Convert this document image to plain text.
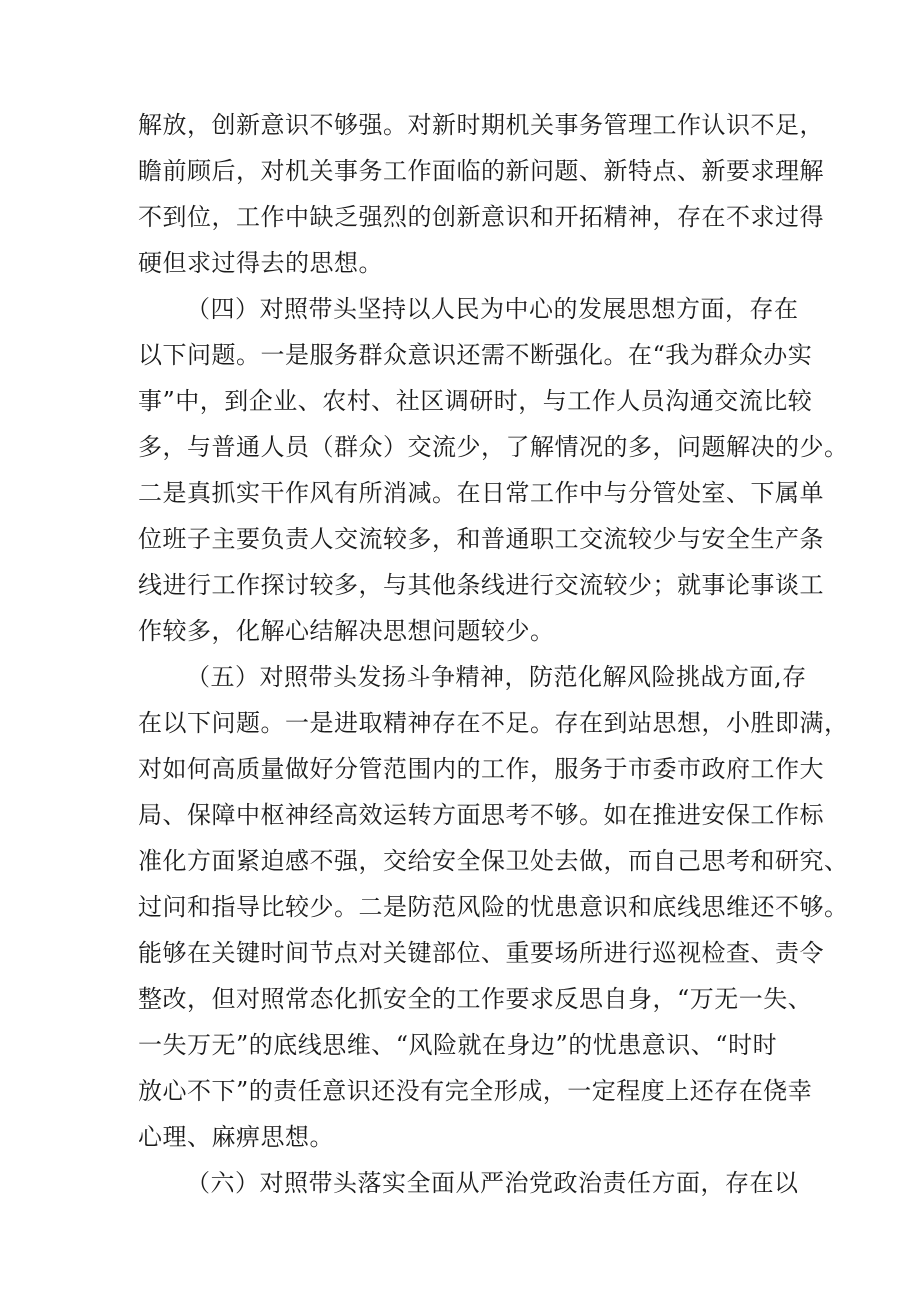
解放，创新意识不够强。对新时期机关事务管理工作认识不足，
瞻前顾后，对机关事务工作面临的新问题、新特点、新要求理解
不到位，工作中缺乏强烈的创新意识和开拓精神，存在不求过得
硬但求过得去的思想。
（四）对照带头坚持以人民为中心的发展思想方面，存在
以下问题。一是服务群众意识还需不断强化。在“我为群众办实
事”中，到企业、农村、社区调研时，与工作人员沟通交流比较
多，与普通人员（群众）交流少，了解情况的多，问题解决的少。
二是真抓实干作风有所消减。在日常工作中与分管处室、下属单
位班子主要负责人交流较多，和普通职工交流较少与安全生产条
线进行工作探讨较多，与其他条线进行交流较少；就事论事谈工
作较多，化解心结解决思想问题较少。
（五）对照带头发扬斗争精神，防范化解风险挑战方面,存
在以下问题。一是进取精神存在不足。存在到站思想，小胜即满，
对如何高质量做好分管范围内的工作，服务于市委市政府工作大
局、保障中枢神经高效运转方面思考不够。如在推进安保工作标
准化方面紧迫感不强，交给安全保卫处去做，而自己思考和研究、
过问和指导比较少。二是防范风险的忧患意识和底线思维还不够。
能够在关键时间节点对关键部位、重要场所进行巡视检查、责令
整改，但对照常态化抓安全的工作要求反思自身，“万无一失、
一失万无”的底线思维、“风险就在身边”的忧患意识、“时时
放心不下”的责任意识还没有完全形成，一定程度上还存在侥幸
心理、麻痹思想。
（六）对照带头落实全面从严治党政治责任方面，存在以
